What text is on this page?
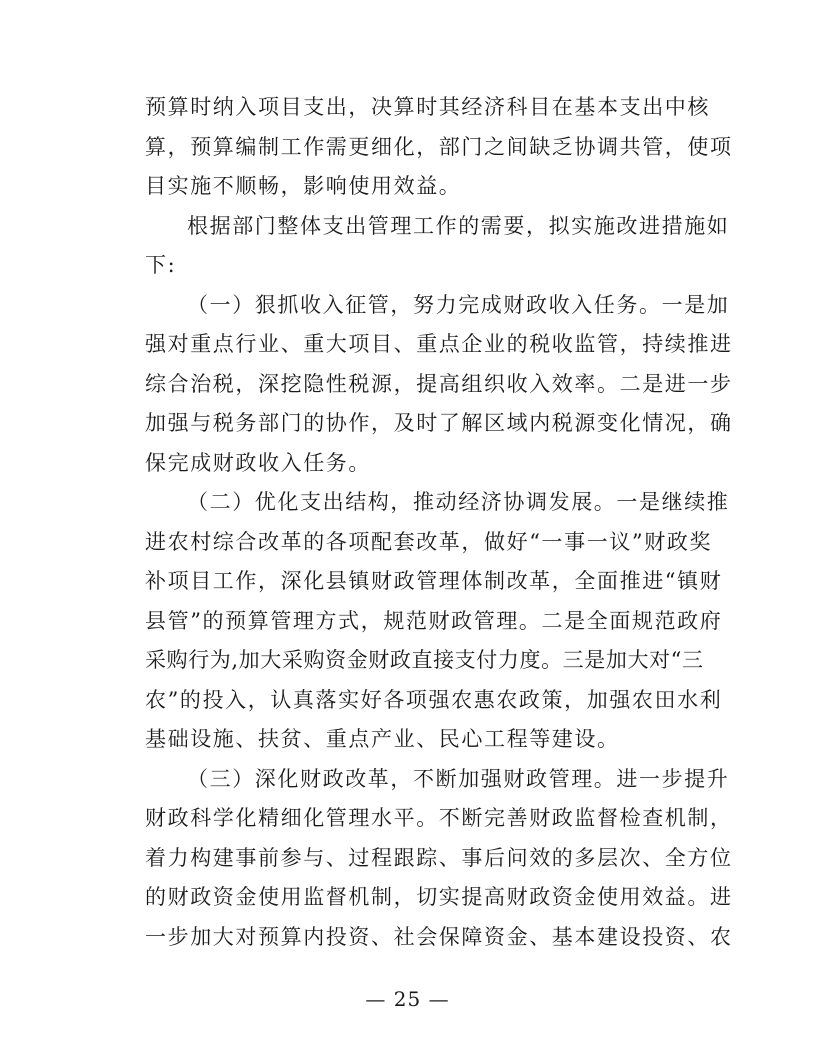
预算时纳入项目支出，决算时其经济科目在基本支出中核
算，预算编制工作需更细化，部门之间缺乏协调共管，使项
目实施不顺畅，影响使用效益。
根据部门整体支出管理工作的需要，拟实施改进措施如
下:
（一）狠抓收入征管，努力完成财政收入任务。一是加
强对重点行业、重大项目、重点企业的税收监管，持续推进
综合治税，深挖隐性税源，提高组织收入效率。二是进一步
加强与税务部门的协作，及时了解区域内税源变化情况，确
保完成财政收入任务。
（二）优化支出结构，推动经济协调发展。一是继续推
进农村综合改革的各项配套改革，做好“一事一议”财政奖
补项目工作，深化县镇财政管理体制改革，全面推进“镇财
县管”的预算管理方式，规范财政管理。二是全面规范政府
采购行为,加大采购资金财政直接支付力度。三是加大对“三
农”的投入，认真落实好各项强农惠农政策，加强农田水利
基础设施、扶贫、重点产业、民心工程等建设。
（三）深化财政改革，不断加强财政管理。进一步提升
财政科学化精细化管理水平。不断完善财政监督检查机制，
着力构建事前参与、过程跟踪、事后问效的多层次、全方位
的财政资金使用监督机制，切实提高财政资金使用效益。进
一步加大对预算内投资、社会保障资金、基本建设投资、农
— 25 —
